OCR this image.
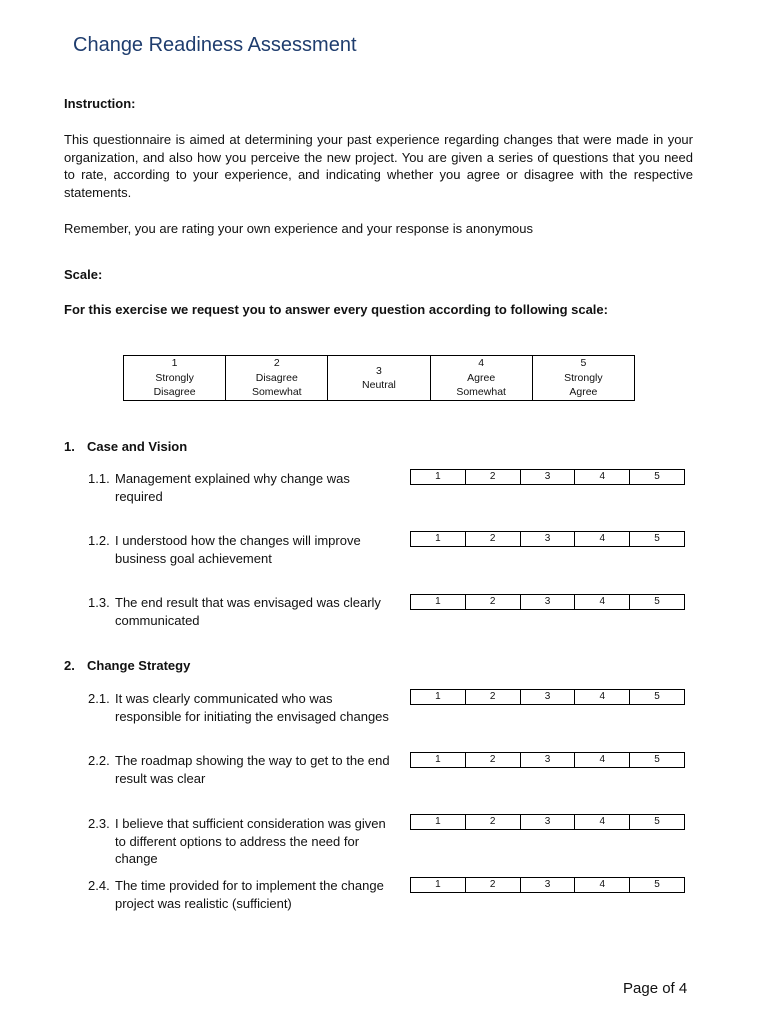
Change Readiness Assessment
Instruction:
This questionnaire is aimed at determining your past experience regarding changes that were made in your organization, and also how you perceive the new project. You are given a series of questions that you need to rate, according to your experience, and indicating whether you agree or disagree with the respective statements.
Remember, you are rating your own experience and your response is anonymous
Scale:
For this exercise we request you to answer every question according to following scale:
1
Strongly
Disagree

2
Disagree
Somewhat

3
Neutral

4
Agree
Somewhat

5
Strongly
Agree
1. Case and Vision
1.1. Management explained why change was required
1	2	3	4	5
1.2. I understood how the changes will improve business goal achievement
1	2	3	4	5
1.3. The end result that was envisaged was clearly communicated
1	2	3	4	5
2. Change Strategy
2.1. It was clearly communicated who was responsible for initiating the envisaged changes
1	2	3	4	5
2.2. The roadmap showing the way to get to the end result was clear
1	2	3	4	5
2.3. I believe that sufficient consideration was given to different options to address the need for change
1	2	3	4	5
2.4. The time provided for to implement the change project was realistic (sufficient)
1	2	3	4	5
Page of 4
